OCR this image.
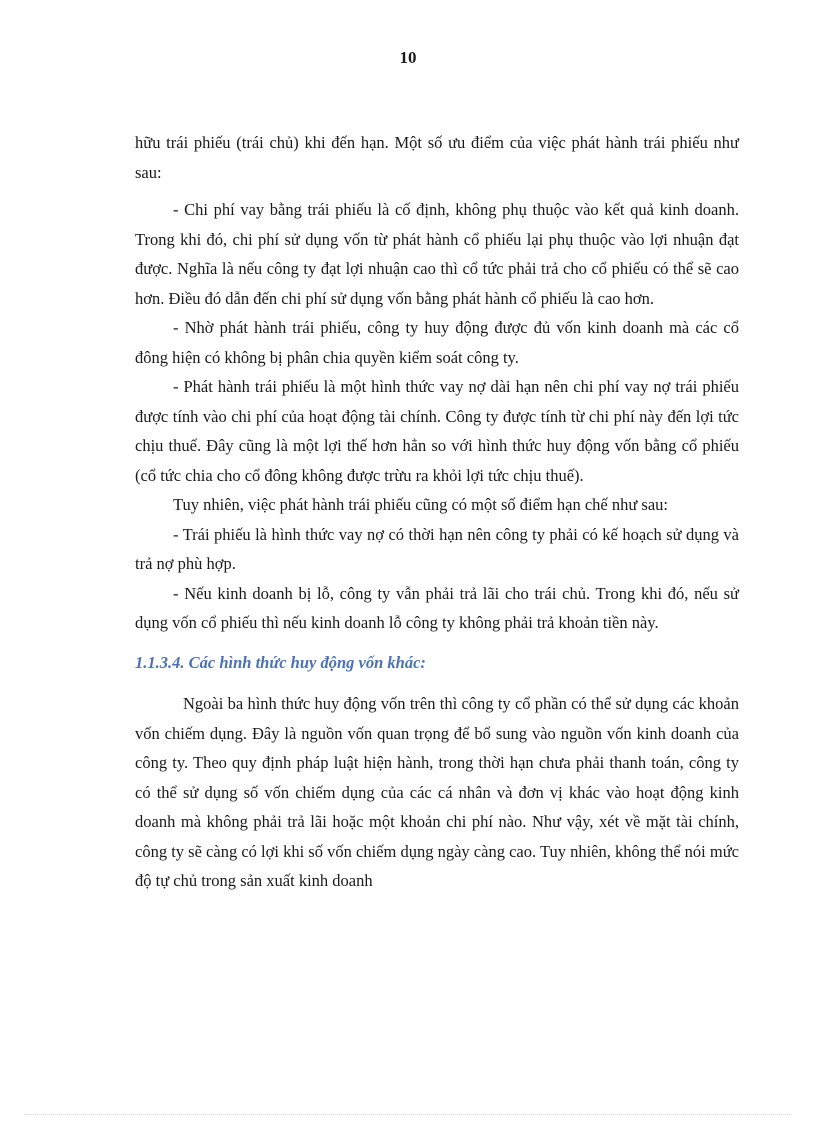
10

hữu trái phiếu (trái chủ) khi đến hạn. Một số ưu điểm của việc phát hành trái phiếu như sau:

- Chi phí vay bằng trái phiếu là cố định, không phụ thuộc vào kết quả kinh doanh. Trong khi đó, chi phí sử dụng vốn từ phát hành cổ phiếu lại phụ thuộc vào lợi nhuận đạt được. Nghĩa là nếu công ty đạt lợi nhuận cao thì cổ tức phải trả cho cổ phiếu có thể sẽ cao hơn. Điều đó dẫn đến chi phí sử dụng vốn bằng phát hành cổ phiếu là cao hơn.

- Nhờ phát hành trái phiếu, công ty huy động được đủ vốn kinh doanh mà các cổ đông hiện có không bị phân chia quyền kiểm soát công ty.

- Phát hành trái phiếu là một hình thức vay nợ dài hạn nên chi phí vay nợ trái phiếu được tính vào chi phí của hoạt động tài chính. Công ty được tính từ chi phí này đến lợi tức chịu thuế. Đây cũng là một lợi thế hơn hẳn so với hình thức huy động vốn bằng cổ phiếu (cổ tức chia cho cổ đông không được trừu ra khỏi lợi tức chịu thuế).

Tuy nhiên, việc phát hành trái phiếu cũng có một số điểm hạn chế như sau:

- Trái phiếu là hình thức vay nợ có thời hạn nên công ty phải có kế hoạch sử dụng và trả nợ phù hợp.

- Nếu kinh doanh bị lỗ, công ty vẫn phải trả lãi cho trái chủ. Trong khi đó, nếu sử dụng vốn cổ phiếu thì nếu kinh doanh lỗ công ty không phải trả khoản tiền này.

1.1.3.4. Các hình thức huy động vốn khác:

Ngoài ba hình thức huy động vốn trên thì công ty cổ phần có thể sử dụng các khoản vốn chiếm dụng. Đây là nguồn vốn quan trọng để bổ sung vào nguồn vốn kinh doanh của công ty. Theo quy định pháp luật hiện hành, trong thời hạn chưa phải thanh toán, công ty có thể sử dụng số vốn chiếm dụng của các cá nhân và đơn vị khác vào hoạt động kinh doanh mà không phải trả lãi hoặc một khoản chi phí nào. Như vậy, xét về mặt tài chính, công ty sẽ càng có lợi khi số vốn chiếm dụng ngày càng cao. Tuy nhiên, không thể nói mức độ tự chủ trong sản xuất kinh doanh
